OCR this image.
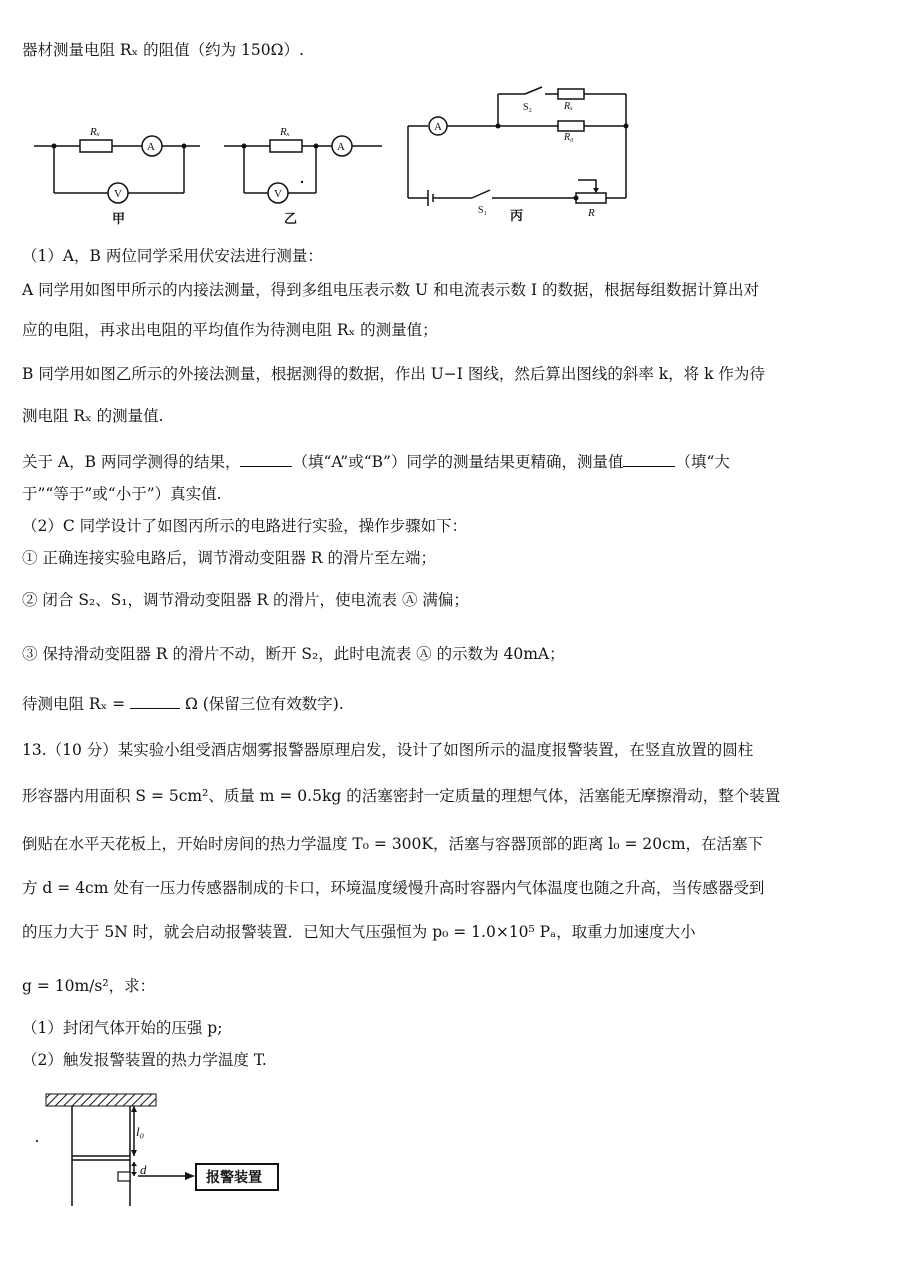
器材测量电阻 Rₓ 的阻值（约为 150Ω）.
Rₓ
A
V
甲
Rₓ
A
V
乙
A
S₂	Rₓ
R₀
S₁ 丙	R
（1）A，B 两位同学采用伏安法进行测量：
A 同学用如图甲所示的内接法测量，得到多组电压表示数 U 和电流表示数 I 的数据，根据每组数据计算出对
应的电阻，再求出电阻的平均值作为待测电阻 Rₓ 的测量值；
B 同学用如图乙所示的外接法测量，根据测得的数据，作出 U−I 图线，然后算出图线的斜率 k，将 k 作为待
测电阻 Rₓ 的测量值.
关于 A，B 两同学测得的结果，	（填“A”或“B”）同学的测量结果更精确，测量值	（填“大
于”“等于”或“小于”）真实值.
（2）C 同学设计了如图丙所示的电路进行实验，操作步骤如下：
① 正确连接实验电路后，调节滑动变阻器 R 的滑片至左端；
② 闭合 S₂、S₁，调节滑动变阻器 R 的滑片，使电流表 Ⓐ 满偏；
③ 保持滑动变阻器 R 的滑片不动，断开 S₂，此时电流表 Ⓐ 的示数为 40mA；
待测电阻 Rₓ =	Ω (保留三位有效数字).
13.（10 分）某实验小组受酒店烟雾报警器原理启发，设计了如图所示的温度报警装置，在竖直放置的圆柱
形容器内用面积 S = 5cm²、质量 m = 0.5kg 的活塞密封一定质量的理想气体，活塞能无摩擦滑动，整个装置
倒贴在水平天花板上，开始时房间的热力学温度 T₀ = 300K，活塞与容器顶部的距离 l₀ = 20cm，在活塞下
方 d = 4cm 处有一压力传感器制成的卡口，环境温度缓慢升高时容器内气体温度也随之升高，当传感器受到
的压力大于 5N 时，就会启动报警装置．已知大气压强恒为 p₀ = 1.0×10⁵ Pₐ，取重力加速度大小
g = 10m/s²，求：
（1）封闭气体开始的压强 p;
（2）触发报警装置的热力学温度 T.
报警装置
l₀
d
